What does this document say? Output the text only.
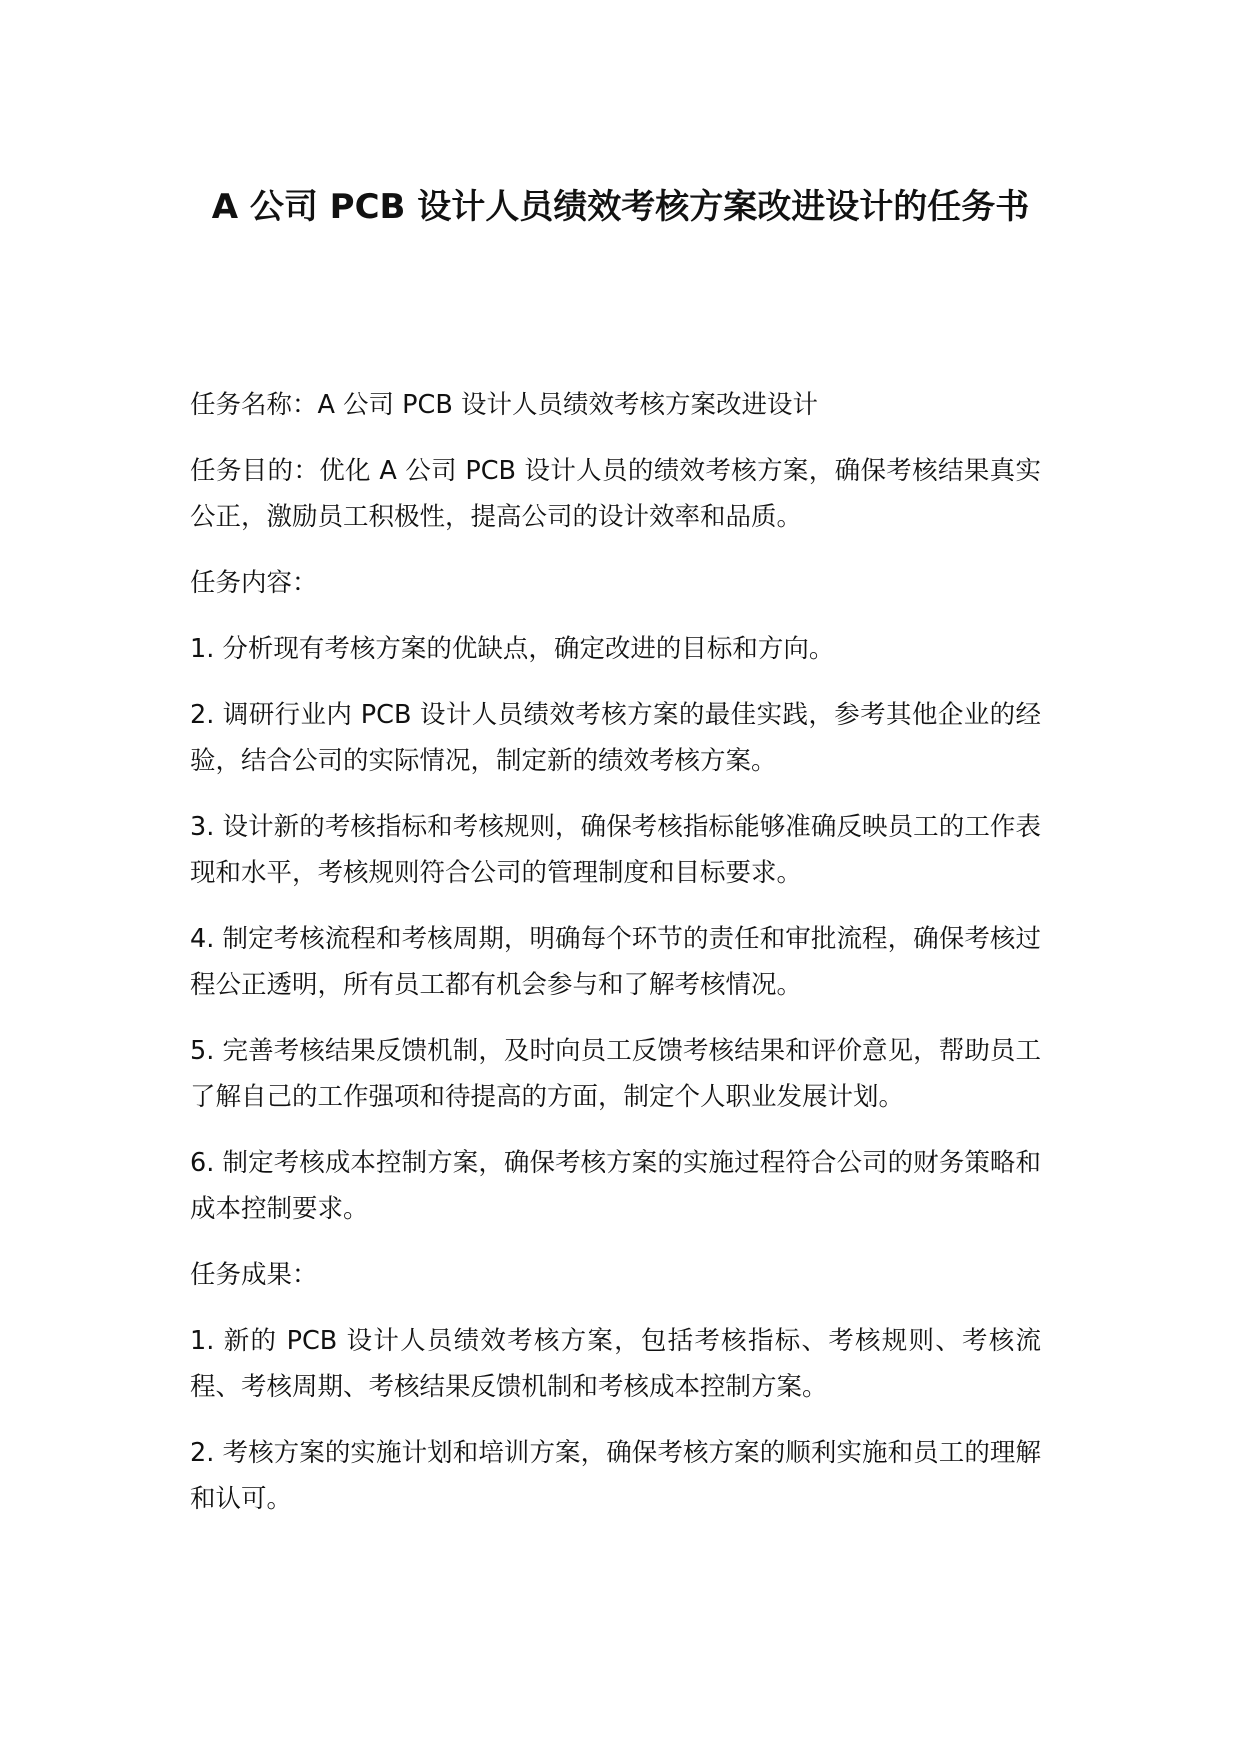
A 公司 PCB 设计人员绩效考核方案改进设计的任务书

任务名称：A 公司 PCB 设计人员绩效考核方案改进设计

任务目的：优化 A 公司 PCB 设计人员的绩效考核方案，确保考核结果真实公正，激励员工积极性，提高公司的设计效率和品质。

任务内容：

1. 分析现有考核方案的优缺点，确定改进的目标和方向。

2. 调研行业内 PCB 设计人员绩效考核方案的最佳实践，参考其他企业的经验，结合公司的实际情况，制定新的绩效考核方案。

3. 设计新的考核指标和考核规则，确保考核指标能够准确反映员工的工作表现和水平，考核规则符合公司的管理制度和目标要求。

4. 制定考核流程和考核周期，明确每个环节的责任和审批流程，确保考核过程公正透明，所有员工都有机会参与和了解考核情况。

5. 完善考核结果反馈机制，及时向员工反馈考核结果和评价意见，帮助员工了解自己的工作强项和待提高的方面，制定个人职业发展计划。

6. 制定考核成本控制方案，确保考核方案的实施过程符合公司的财务策略和成本控制要求。

任务成果：

1. 新的 PCB 设计人员绩效考核方案，包括考核指标、考核规则、考核流程、考核周期、考核结果反馈机制和考核成本控制方案。

2. 考核方案的实施计划和培训方案，确保考核方案的顺利实施和员工的理解和认可。
